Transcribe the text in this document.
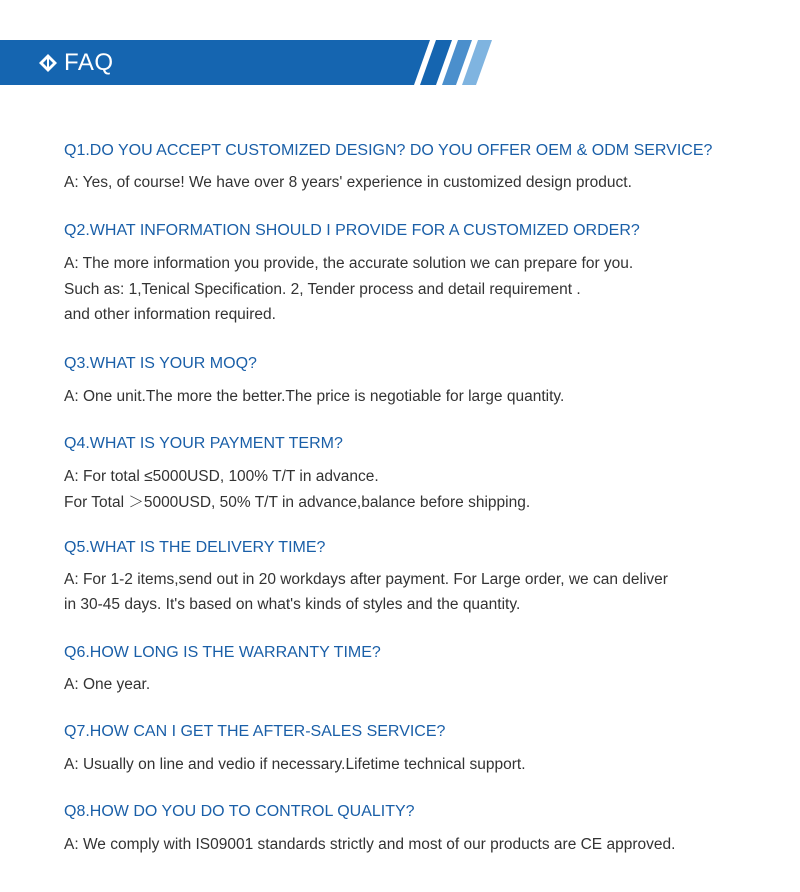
FAQ
Q1.DO YOU ACCEPT CUSTOMIZED DESIGN? DO YOU OFFER OEM & ODM SERVICE?
A: Yes, of course! We have over 8 years' experience in customized design product.
Q2.WHAT INFORMATION SHOULD I PROVIDE FOR A CUSTOMIZED ORDER?
A: The more information you provide, the accurate solution we can prepare for you.
Such as: 1,Tenical Specification. 2, Tender process and detail requirement .
and other information required.
Q3.WHAT IS YOUR MOQ?
A: One unit.The more the better.The price is negotiable for large quantity.
Q4.WHAT IS YOUR PAYMENT TERM?
A: For total ≤5000USD, 100% T/T in advance.
For Total ＞5000USD, 50% T/T in advance,balance before shipping.
Q5.WHAT IS THE DELIVERY TIME?
A: For 1-2 items,send out in 20 workdays after payment. For Large order, we can deliver
in 30-45 days. It's based on what's kinds of styles and the quantity.
Q6.HOW LONG IS THE WARRANTY TIME?
A: One year.
Q7.HOW CAN I GET THE AFTER-SALES SERVICE?
A: Usually on line and vedio if necessary.Lifetime technical support.
Q8.HOW DO YOU DO TO CONTROL QUALITY?
A: We comply with IS09001 standards strictly and most of our products are CE approved.
